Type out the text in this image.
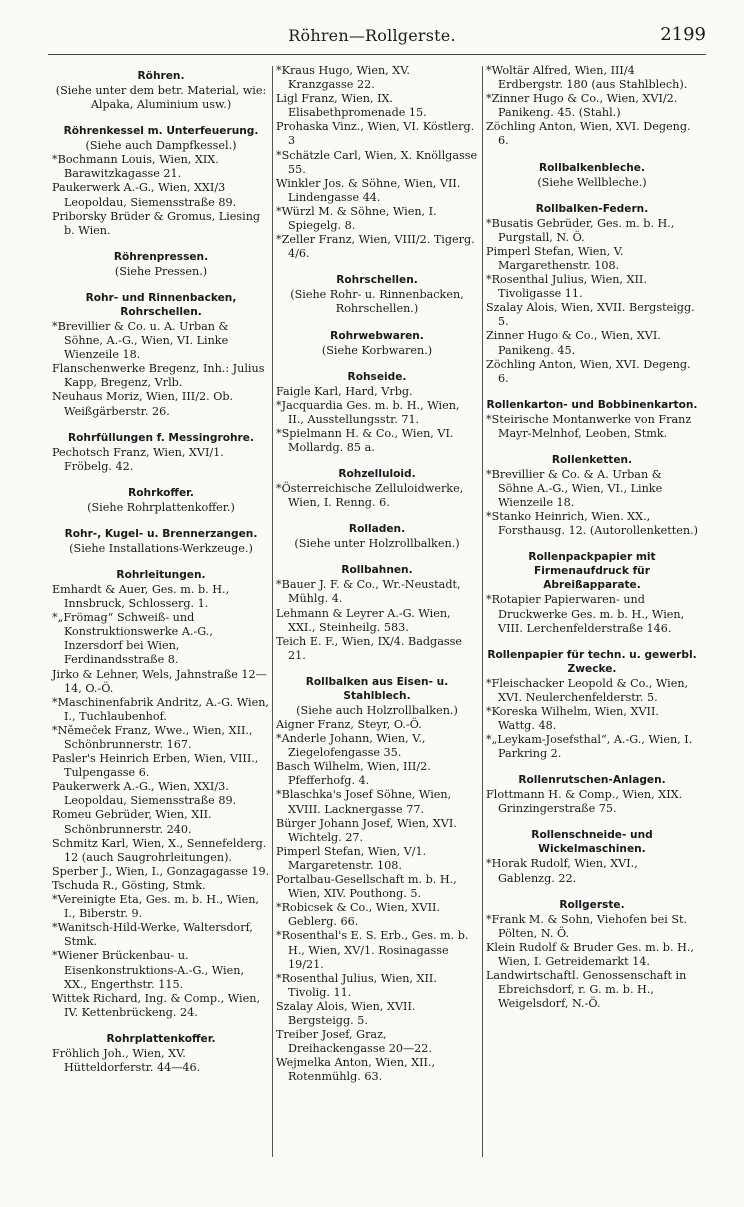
Röhren—Rollgerste.	2199
Röhren.
(Siehe unter dem betr. Material, wie: Alpaka, Aluminium usw.)
Röhrenkessel m. Unterfeuerung.
(Siehe auch Dampfkessel.)
*Bochmann Louis, Wien, XIX. Barawitzkagasse 21.
Paukerwerk A.-G., Wien, XXI/3 Leopoldau, Siemensstraße 89.
Priborsky Brüder & Gromus, Liesing b. Wien.
Röhrenpressen.
(Siehe Pressen.)
Rohr- und Rinnenbacken, Rohrschellen.
*Brevillier & Co. u. A. Urban & Söhne, A.-G., Wien, VI. Linke Wienzeile 18.
Flanschenwerke Bregenz, Inh.: Julius Kapp, Bregenz, Vrlb.
Neuhaus Moriz, Wien, III/2. Ob. Weißgärberstr. 26.
Rohrfüllungen f. Messingrohre.
Pechotsch Franz, Wien, XVI/1. Fröbelg. 42.
Rohrkoffer.
(Siehe Rohrplattenkoffer.)
Rohr-, Kugel- u. Brennerzangen.
(Siehe Installations-Werkzeuge.)
Rohrleitungen.
Emhardt & Auer, Ges. m. b. H., Innsbruck, Schlosserg. 1.
*„Frömag“ Schweiß- und Konstruktionswerke A.-G., Inzersdorf bei Wien, Ferdinandsstraße 8.
Jirko & Lehner, Wels, Jahnstraße 12—14, O.-Ö.
*Maschinenfabrik Andritz, A.-G. Wien, I., Tuchlaubenhof.
*Němeček Franz, Wwe., Wien, XII., Schönbrunnerstr. 167.
Pasler's Heinrich Erben, Wien, VIII., Tulpengasse 6.
Paukerwerk A.-G., Wien, XXI/3. Leopoldau, Siemensstraße 89.
Romeu Gebrüder, Wien, XII. Schönbrunnerstr. 240.
Schmitz Karl, Wien, X., Sennefelderg. 12 (auch Saugrohrleitungen).
Sperber J., Wien, I., Gonzagagasse 19.
Tschuda R., Gösting, Stmk.
*Vereinigte Eta, Ges. m. b. H., Wien, I., Biberstr. 9.
*Wanitsch-Hild-Werke, Waltersdorf, Stmk.
*Wiener Brückenbau- u. Eisenkonstruktions-A.-G., Wien, XX., Engerthstr. 115.
Wittek Richard, Ing. & Comp., Wien, IV. Kettenbrückeng. 24.
Rohrplattenkoffer.
Fröhlich Joh., Wien, XV. Hütteldorferstr. 44—46.
*Kraus Hugo, Wien, XV. Kranzgasse 22.
Ligl Franz, Wien, IX. Elisabethpromenade 15.
Prohaska Vinz., Wien, VI. Köstlerg. 3
*Schätzle Carl, Wien, X. Knöllgasse 55.
Winkler Jos. & Söhne, Wien, VII. Lindengasse 44.
*Würzl M. & Söhne, Wien, I. Spiegelg. 8.
*Zeller Franz, Wien, VIII/2. Tigerg. 4/6.
Rohrschellen.
(Siehe Rohr- u. Rinnenbacken, Rohrschellen.)
Rohrwebwaren.
(Siehe Korbwaren.)
Rohseide.
Faigle Karl, Hard, Vrbg.
*Jacquardia Ges. m. b. H., Wien, II., Ausstellungsstr. 71.
*Spielmann H. & Co., Wien, VI. Mollardg. 85 a.
Rohzelluloid.
*Österreichische Zelluloidwerke, Wien, I. Renng. 6.
Rolladen.
(Siehe unter Holzrollbalken.)
Rollbahnen.
*Bauer J. F. & Co., Wr.-Neustadt, Mühlg. 4.
Lehmann & Leyrer A.-G. Wien, XXI., Steinheilg. 583.
Teich E. F., Wien, IX/4. Badgasse 21.
Rollbalken aus Eisen- u. Stahlblech.
(Siehe auch Holzrollbalken.)
Aigner Franz, Steyr, O.-Ö.
*Anderle Johann, Wien, V., Ziegelofengasse 35.
Basch Wilhelm, Wien, III/2. Pfefferhofg. 4.
*Blaschka's Josef Söhne, Wien, XVIII. Lacknergasse 77.
Bürger Johann Josef, Wien, XVI. Wichtelg. 27.
Pimperl Stefan, Wien, V/1. Margaretenstr. 108.
Portalbau-Gesellschaft m. b. H., Wien, XIV. Pouthong. 5.
*Robicsek & Co., Wien, XVII. Geblerg. 66.
*Rosenthal's E. S. Erb., Ges. m. b. H., Wien, XV/1. Rosinagasse 19/21.
*Rosenthal Julius, Wien, XII. Tivolig. 11.
Szalay Alois, Wien, XVII. Bergsteigg. 5.
Treiber Josef, Graz, Dreihackengasse 20—22.
Wejmelka Anton, Wien, XII., Rotenmühlg. 63.
*Woltär Alfred, Wien, III/4 Erdbergstr. 180 (aus Stahlblech).
*Zinner Hugo & Co., Wien, XVI/2. Panikeng. 45. (Stahl.)
Zöchling Anton, Wien, XVI. Degeng. 6.
Rollbalkenbleche.
(Siehe Wellbleche.)
Rollbalken-Federn.
*Busatis Gebrüder, Ges. m. b. H., Purgstall, N. Ö.
Pimperl Stefan, Wien, V. Margarethenstr. 108.
*Rosenthal Julius, Wien, XII. Tivoligasse 11.
Szalay Alois, Wien, XVII. Bergsteigg. 5.
Zinner Hugo & Co., Wien, XVI. Panikeng. 45.
Zöchling Anton, Wien, XVI. Degeng. 6.
Rollenkarton- und Bobbinenkarton.
*Steirische Montanwerke von Franz Mayr-Melnhof, Leoben, Stmk.
Rollenketten.
*Brevillier & Co. & A. Urban & Söhne A.-G., Wien, VI., Linke Wienzeile 18.
*Stanko Heinrich, Wien. XX., Forsthausg. 12. (Autorollenketten.)
Rollenpackpapier mit Firmenaufdruck für Abreißapparate.
*Rotapier Papierwaren- und Druckwerke Ges. m. b. H., Wien, VIII. Lerchenfelderstraße 146.
Rollenpapier für techn. u. gewerbl. Zwecke.
*Fleischacker Leopold & Co., Wien, XVI. Neulerchenfelderstr. 5.
*Koreska Wilhelm, Wien, XVII. Wattg. 48.
*„Leykam-Josefsthal“, A.-G., Wien, I. Parkring 2.
Rollenrutschen-Anlagen.
Flottmann H. & Comp., Wien, XIX. Grinzingerstraße 75.
Rollenschneide- und Wickelmaschinen.
*Horak Rudolf, Wien, XVI., Gablenzg. 22.
Rollgerste.
*Frank M. & Sohn, Viehofen bei St. Pölten, N. Ö.
Klein Rudolf & Bruder Ges. m. b. H., Wien, I. Getreidemarkt 14.
Landwirtschaftl. Genossenschaft in Ebreichsdorf, r. G. m. b. H., Weigelsdorf, N.-Ö.
